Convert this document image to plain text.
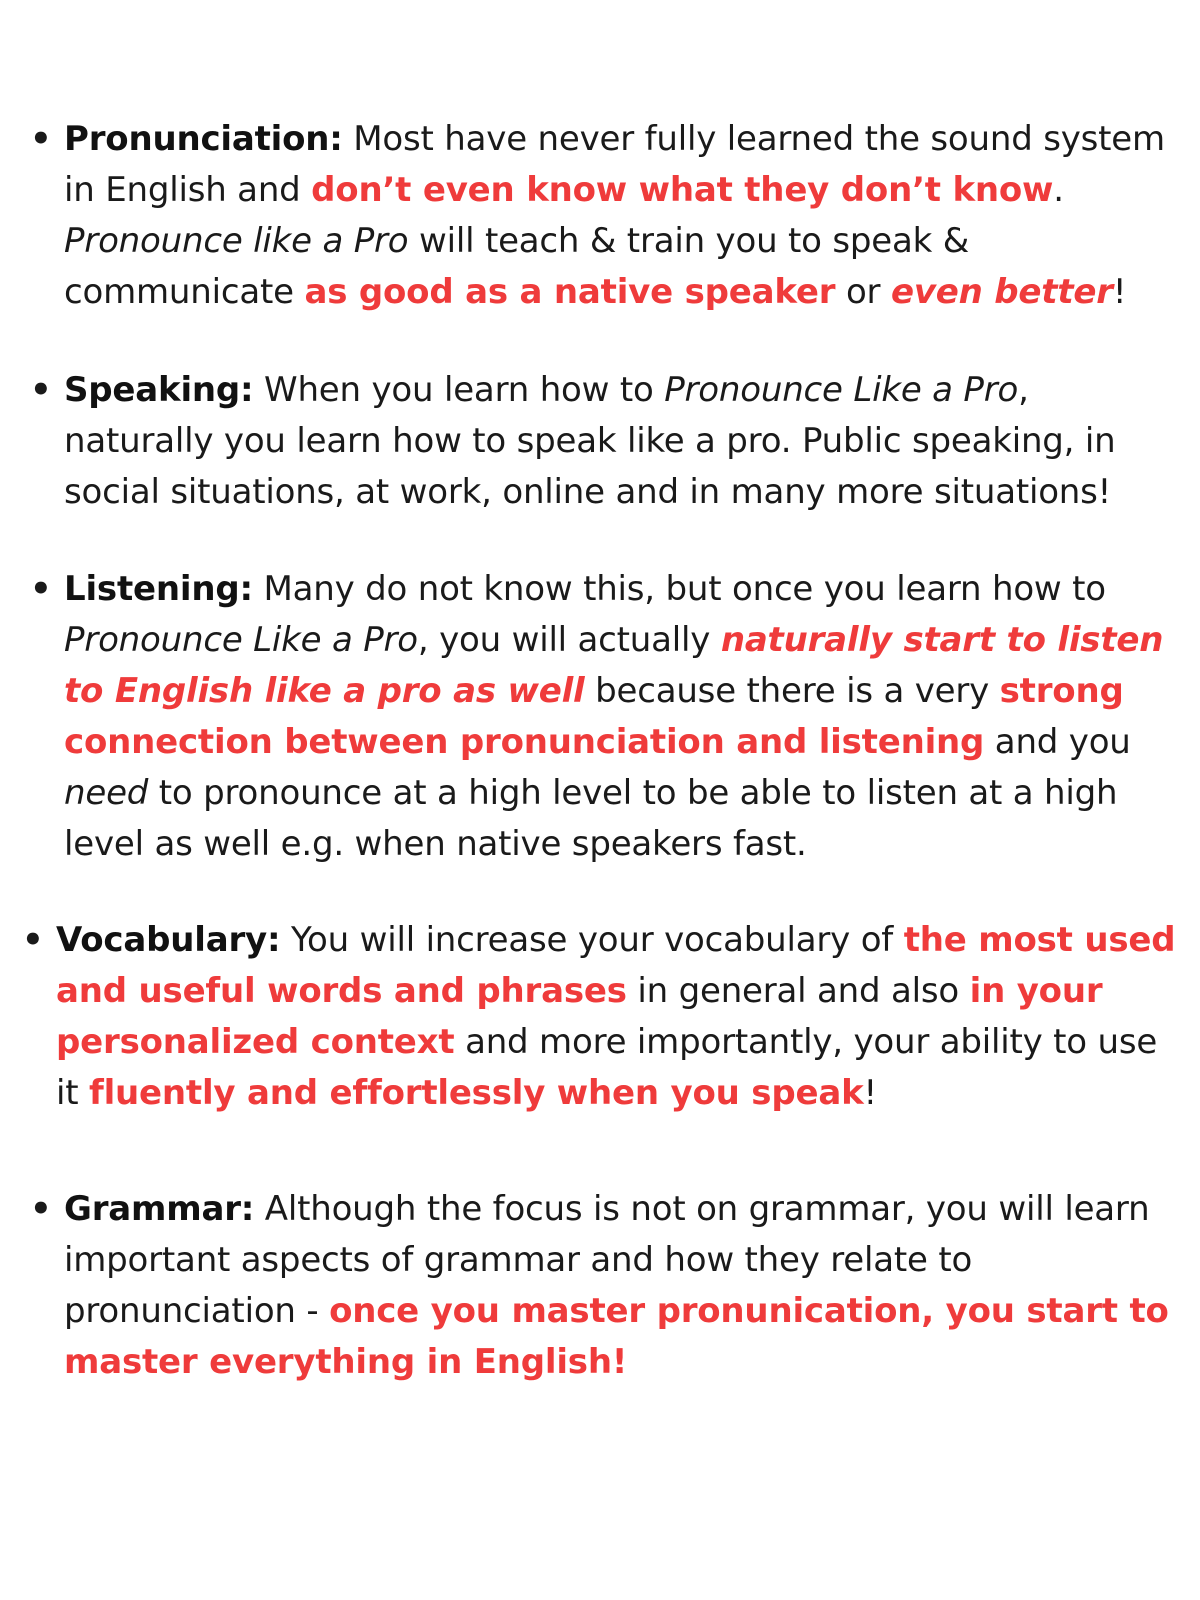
• Pronunciation: Most have never fully learned the sound system in English and don’t even know what they don’t know. Pronounce like a Pro will teach & train you to speak & communicate as good as a native speaker or even better!
• Speaking: When you learn how to Pronounce Like a Pro, naturally you learn how to speak like a pro. Public speaking, in social situations, at work, online and in many more situations!
• Listening: Many do not know this, but once you learn how to Pronounce Like a Pro, you will actually naturally start to listen to English like a pro as well because there is a very strong connection between pronunciation and listening and you need to pronounce at a high level to be able to listen at a high level as well e.g. when native speakers fast.
• Vocabulary: You will increase your vocabulary of the most used and useful words and phrases in general and also in your personalized context and more importantly, your ability to use it fluently and effortlessly when you speak!
• Grammar: Although the focus is not on grammar, you will learn important aspects of grammar and how they relate to pronunciation - once you master pronunication, you start to master everything in English!
